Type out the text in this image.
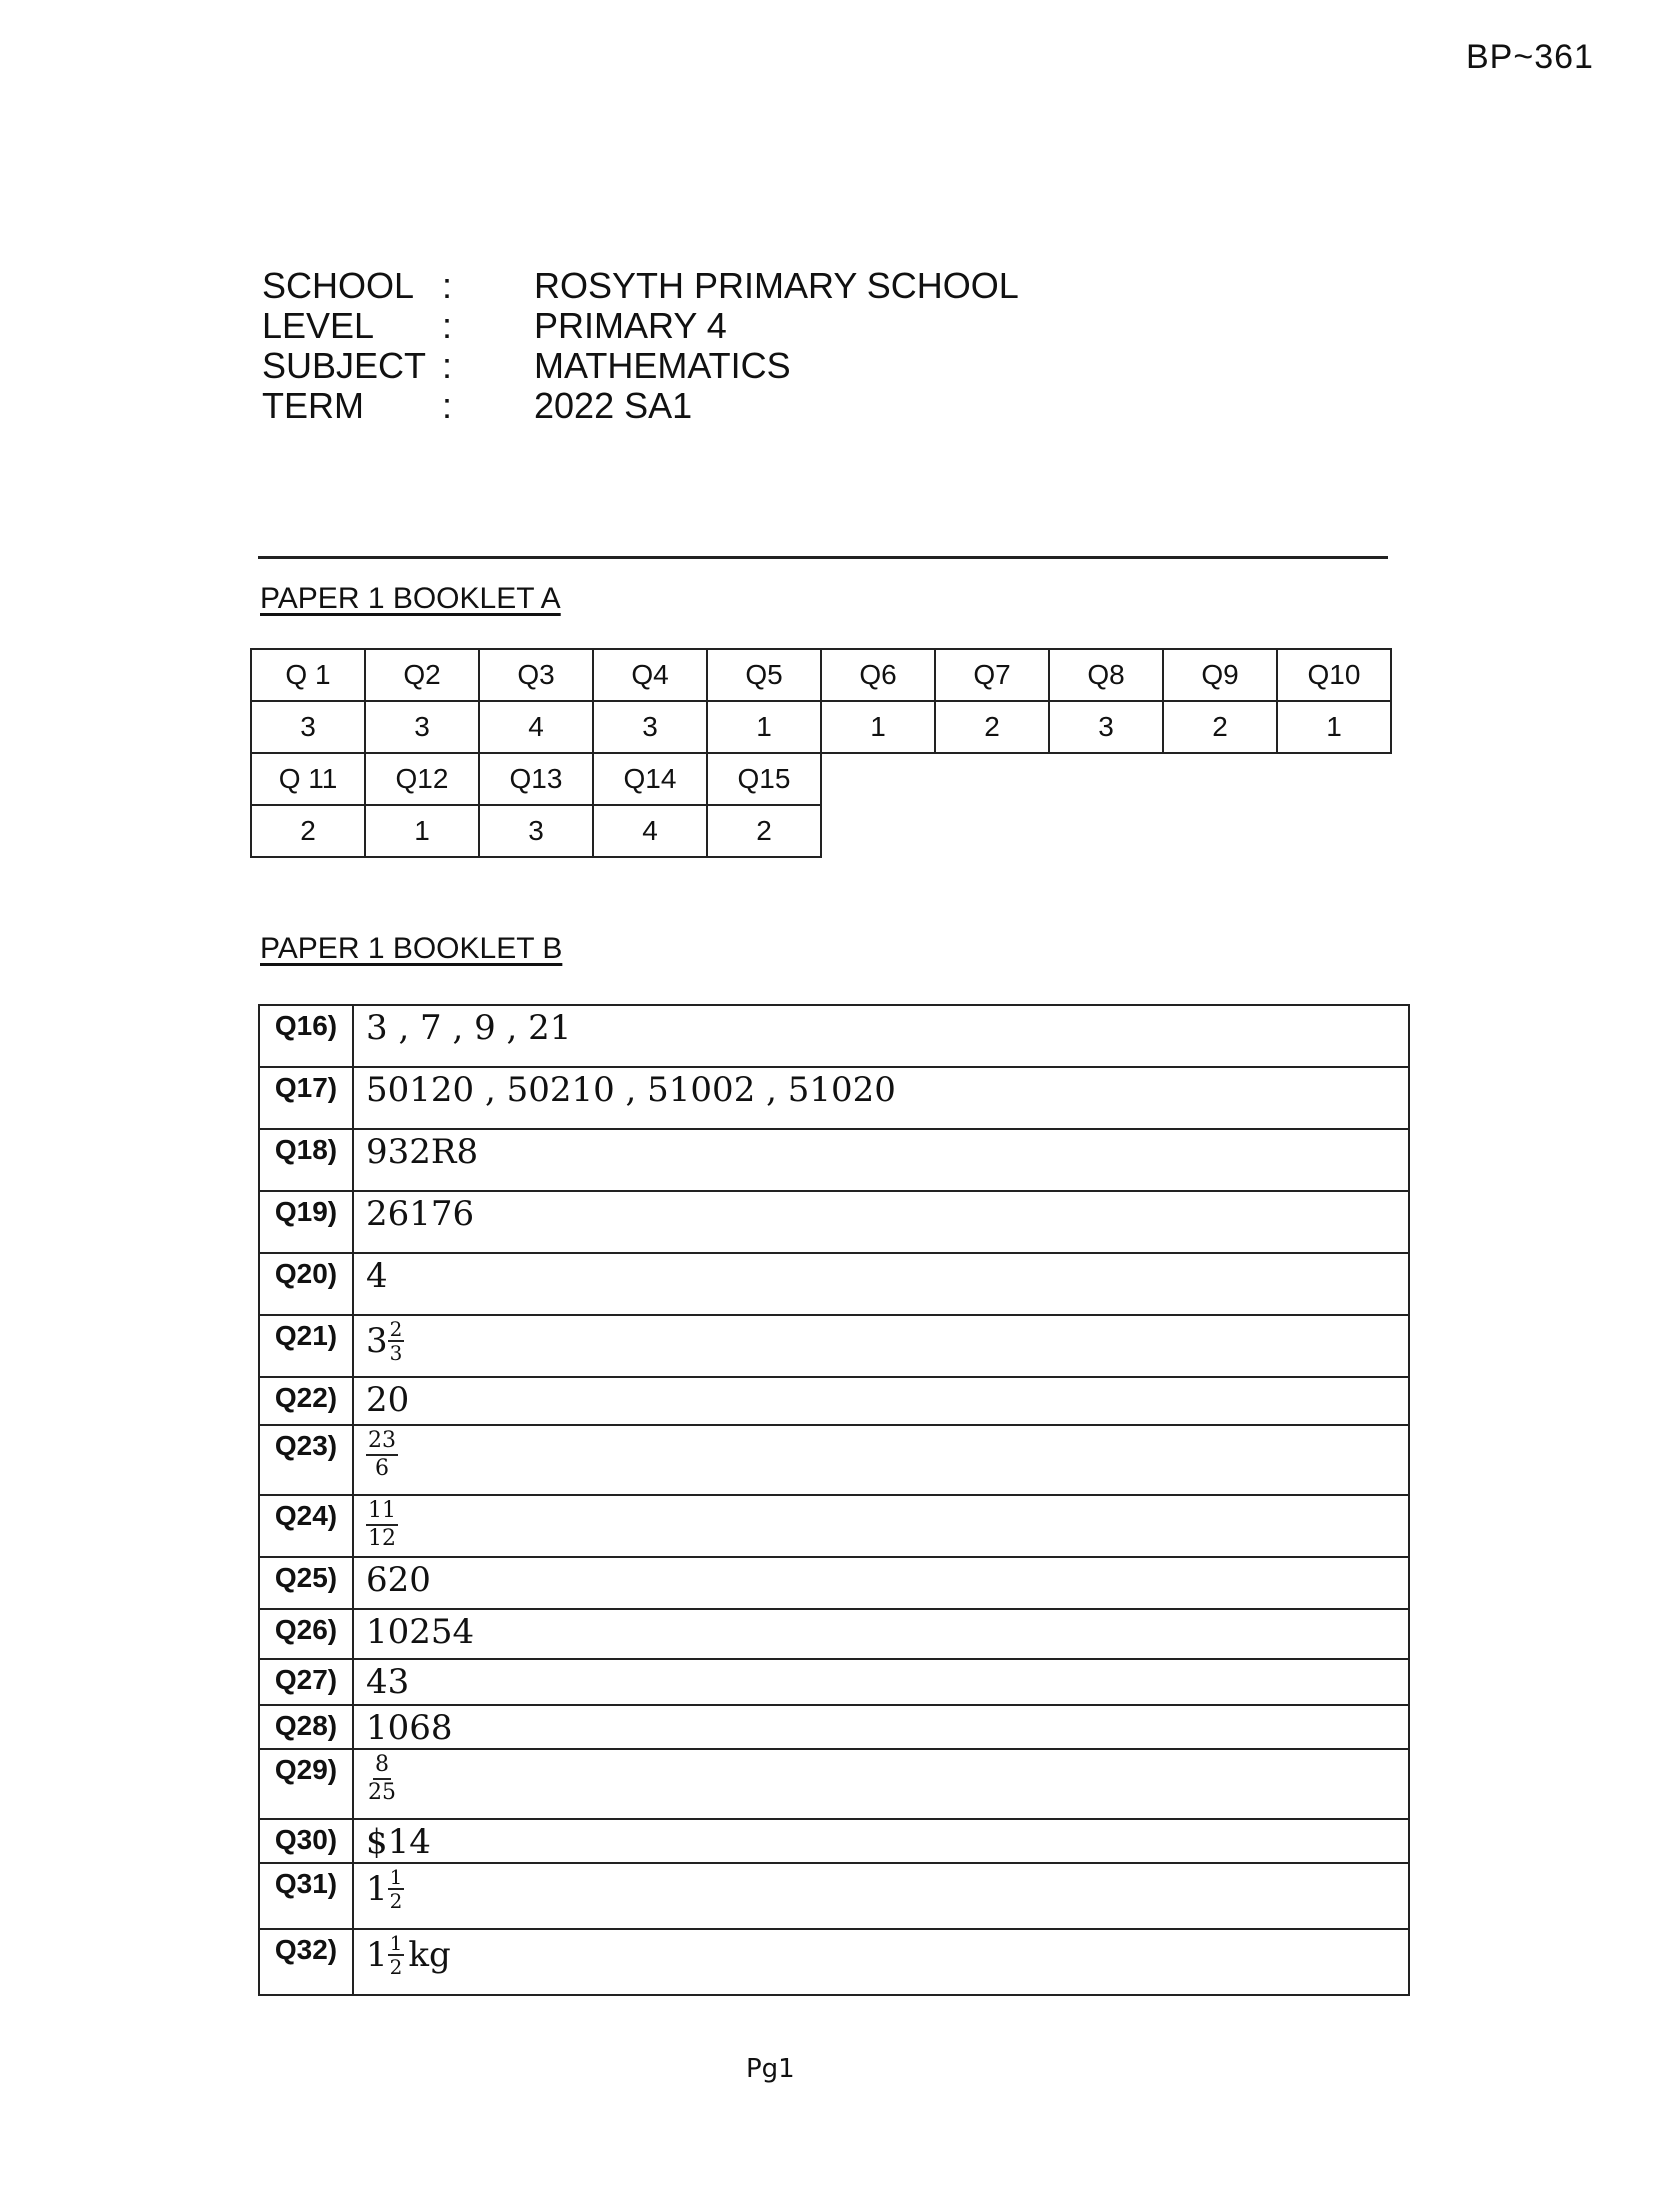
BP~361
SCHOOL : ROSYTH PRIMARY SCHOOL
LEVEL : PRIMARY 4
SUBJECT : MATHEMATICS
TERM : 2022 SA1
PAPER 1 BOOKLET A
Q 1	Q2	Q3	Q4	Q5	Q6	Q7	Q8	Q9	Q10
3	3	4	3	1	1	2	3	2	1
Q 11	Q12	Q13	Q14	Q15					
2	1	3	4	2					
PAPER 1 BOOKLET B
Q16)	3 , 7 , 9 , 21
Q17)	50120 , 50210 , 51002 , 51020
Q18)	932R8
Q19)	26176
Q20)	4
Q21)	$3 \frac{2}{3}$

Q22)	20
Q23)	$\frac{23}{6}$

Q24)	$\frac{11}{12}$

Q25)	620
Q26)	10254
Q27)	43
Q28)	1068
Q29)	$\frac{8}{25}$

Q30)	$14
Q31)	$1 \frac{1}{2}$

Q32)	$1 \frac{1}{2}$ kg
Pg1
